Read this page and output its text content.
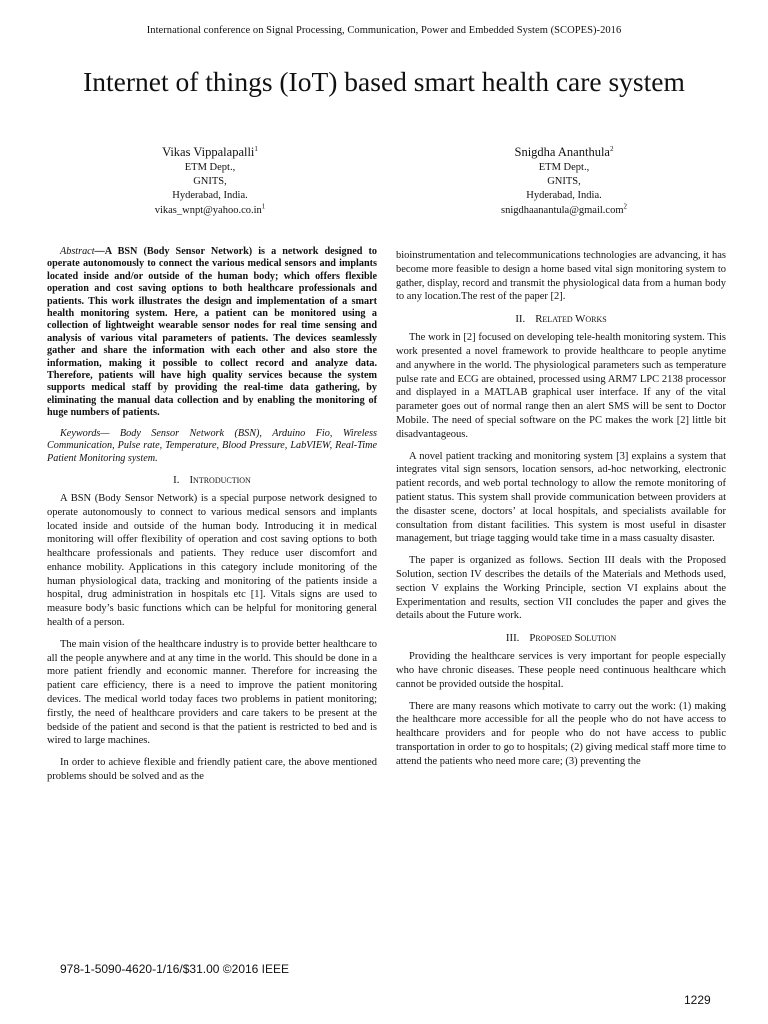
International conference on Signal Processing, Communication, Power and Embedded System (SCOPES)-2016
Internet of things (IoT) based smart health care system
Vikas Vippalapalli$^1$
ETM Dept.,
GNITS,
Hyderabad, India.
$vikas\_wnpt@yahoo.co.in^1$
Snigdha Ananthula$^2$
ETM Dept.,
GNITS,
Hyderabad, India.
snigdhaanantula@gmail.com$^2$

Abstract—A BSN (Body Sensor Network) is a network designed to operate autonomously to connect the various medical sensors and implants located inside and/or outside of the human body; which offers flexible operation and cost saving options to both healthcare professionals and patients. This work illustrates the design and implementation of a smart health monitoring system. Here, a patient can be monitored using a collection of lightweight wearable sensor nodes for real time sensing and analysis of various vital parameters of patients. The devices seamlessly gather and share the information with each other and also store the information, making it possible to collect record and analyze data. Therefore, patients will have high quality services because the system supports medical staff by providing the real-time data gathering, by eliminating the manual data collection and by enabling the monitoring of huge numbers of patients.

Keywords— Body Sensor Network (BSN), Arduino Fio, Wireless Communication, Pulse rate, Temperature, Blood Pressure, LabVIEW, Real-Time Patient Monitoring system.

I. Introduction

A BSN (Body Sensor Network) is a special purpose network designed to operate autonomously to connect to various medical sensors and implants located inside and outside of the human body. Introducing it in medical monitoring will offer flexibility of operation and cost saving options to both healthcare professionals and patients. They reduce user discomfort and enhance mobility. Applications in this category include monitoring of the human physiological data, tracking and monitoring of the patients inside a hospital, drug administration in hospitals etc [1]. Vitals signs are used to measure body’s basic functions which can be helpful for monitoring general health of a person.

The main vision of the healthcare industry is to provide better healthcare to all the people anywhere and at any time in the world. This should be done in a more patient friendly and economic manner. Therefore for increasing the patient care efficiency, there is a need to improve the patient monitoring devices. The medical world today faces two problems in patient monitoring; firstly, the need of healthcare providers and care takers to be present at the bedside of the patient and second is that the patient is restricted to bed and is wired to large machines.

In order to achieve flexible and friendly patient care, the above mentioned problems should be solved and as the

bioinstrumentation and telecommunications technologies are advancing, it has become more feasible to design a home based vital sign monitoring system to gather, display, record and transmit the physiological data from a human body to any location.The rest of the paper [2].

II. Related Works

The work in [2] focused on developing tele-health monitoring system. This work presented a novel framework to provide healthcare to people anytime and anywhere in the world. The physiological parameters such as temperature pulse rate and ECG are obtained, processed using ARM7 LPC 2138 processor and displayed in a MATLAB graphical user interface. If any of the vital parameter goes out of normal range then an alert SMS will be sent to Doctor Mobile. The need of special software on the PC makes the work [2] little bit disadvantageous.

A novel patient tracking and monitoring system [3] explains a system that integrates vital sign sensors, location sensors, ad-hoc networking, electronic patient records, and web portal technology to allow the remote monitoring of patient status. This system shall provide communication between providers at the disaster scene, doctors’ at local hospitals, and specialists available for consultation from distant facilities. This system is most useful in disaster management, but triage tagging would take time in a mass casualty disaster.

The paper is organized as follows. Section III deals with the Proposed Solution, section IV describes the details of the Materials and Methods used, section V explains the Working Principle, section VI explains about the Experimentation and results, section VII concludes the paper and gives the details about the Future work.

III. Proposed Solution

Providing the healthcare services is very important for people especially who have chronic diseases. These people need continuous healthcare which cannot be provided outside the hospital.

There are many reasons which motivate to carry out the work: (1) making the healthcare more accessible for all the people who do not have access to healthcare providers and for people who do not have access to public transportation in order to go to hospitals; (2) giving medical staff more time to attend the patients who need more care; (3) preventing the

978-1-5090-4620-1/16/$31.00 ©2016 IEEE
1229
